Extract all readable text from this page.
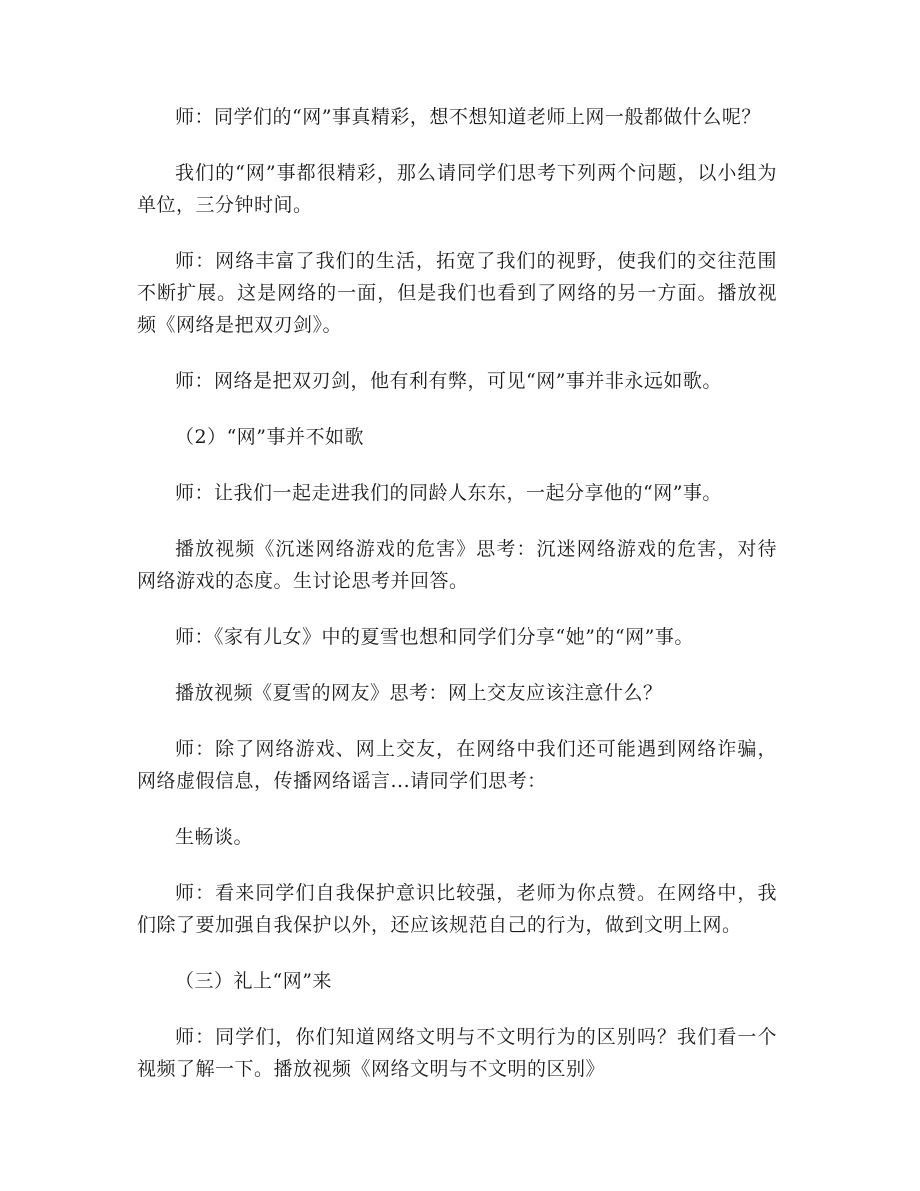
师：同学们的“网”事真精彩，想不想知道老师上网一般都做什么呢？

我们的“网”事都很精彩，那么请同学们思考下列两个问题，以小组为单位，三分钟时间。

师：网络丰富了我们的生活，拓宽了我们的视野，使我们的交往范围不断扩展。这是网络的一面，但是我们也看到了网络的另一方面。播放视频《网络是把双刃剑》。

师：网络是把双刃剑，他有利有弊，可见“网”事并非永远如歌。

（2）“网”事并不如歌

师：让我们一起走进我们的同龄人东东，一起分享他的“网”事。

播放视频《沉迷网络游戏的危害》思考：沉迷网络游戏的危害，对待网络游戏的态度。生讨论思考并回答。

师：《家有儿女》中的夏雪也想和同学们分享“她”的“网”事。

播放视频《夏雪的网友》思考：网上交友应该注意什么？

师：除了网络游戏、网上交友，在网络中我们还可能遇到网络诈骗，网络虚假信息，传播网络谣言...请同学们思考：

生畅谈。

师：看来同学们自我保护意识比较强，老师为你点赞。在网络中，我们除了要加强自我保护以外，还应该规范自己的行为，做到文明上网。

（三）礼上“网”来

师：同学们，你们知道网络文明与不文明行为的区别吗？我们看一个视频了解一下。播放视频《网络文明与不文明的区别》
